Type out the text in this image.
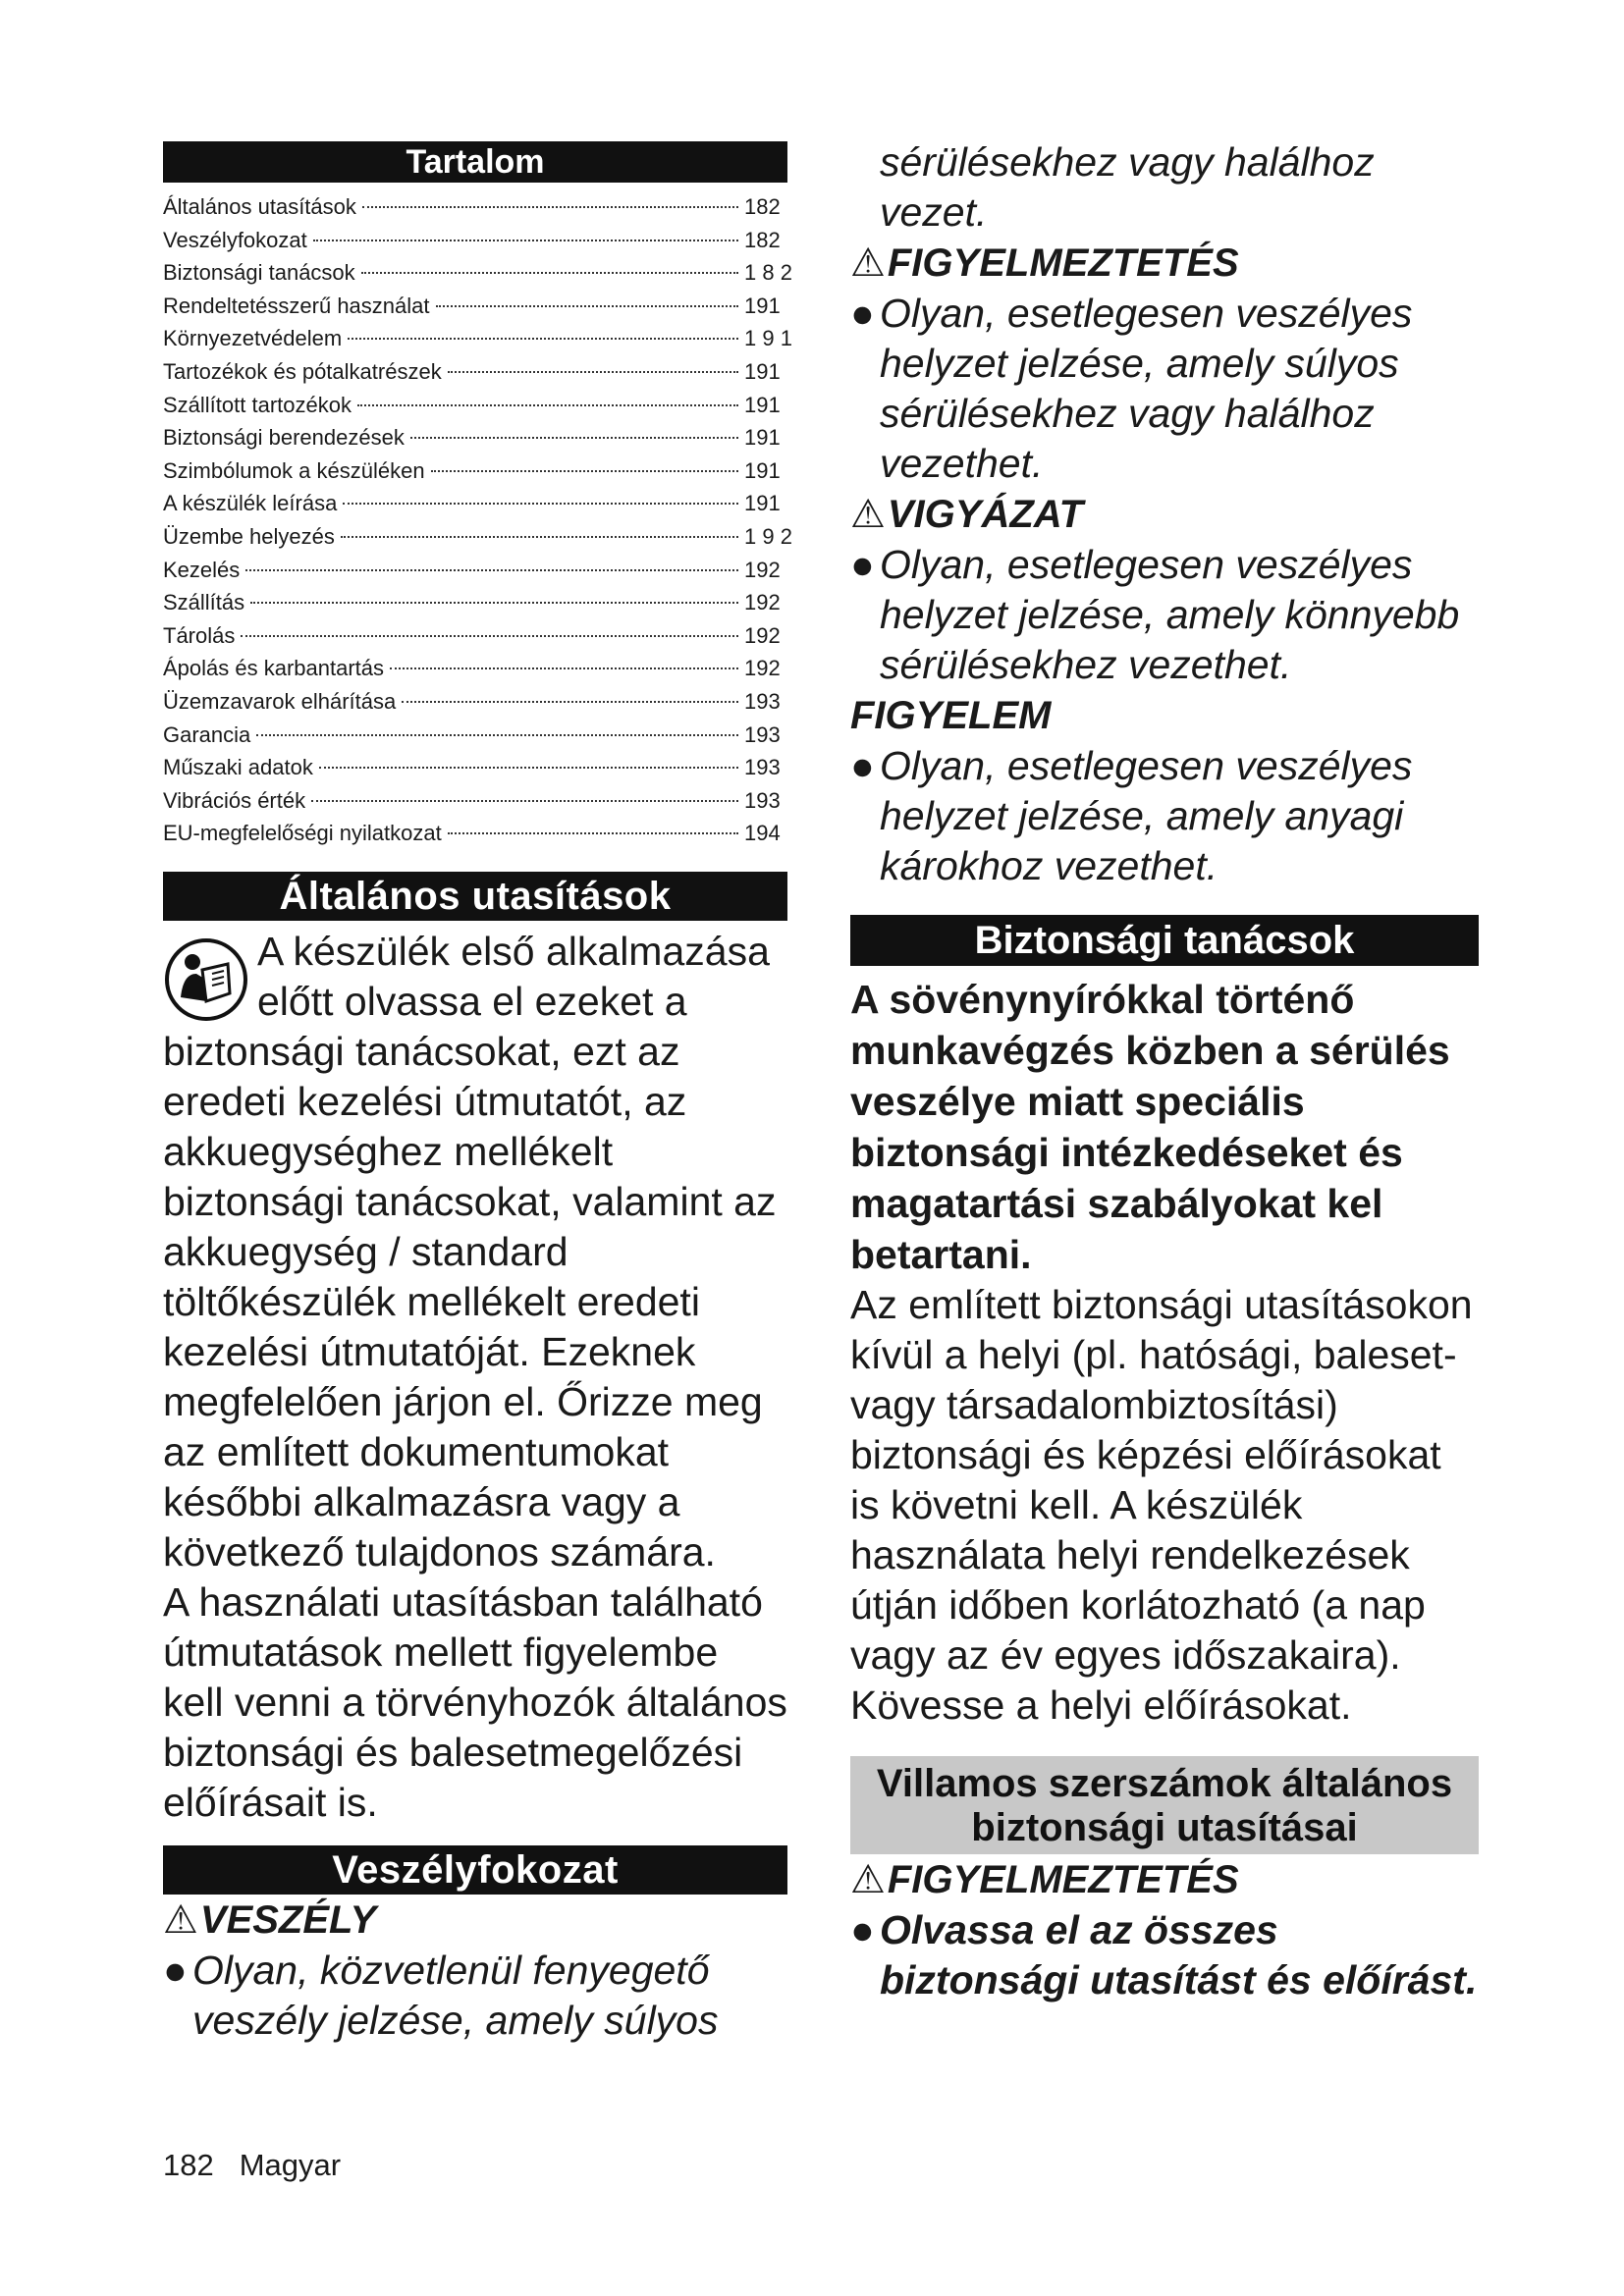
Tartalom
Általános utasítások	182
Veszélyfokozat	182
Biztonsági tanácsok	1 8 2
Rendeltetésszerű használat	191
Környezetvédelem	1 9 1
Tartozékok és pótalkatrészek	191
Szállított tartozékok	191
Biztonsági berendezések	191
Szimbólumok a készüléken	191
A készülék leírása	191
Üzembe helyezés	1 9 2
Kezelés	192
Szállítás	192
Tárolás	192
Ápolás és karbantartás	192
Üzemzavarok elhárítása	193
Garancia	193
Műszaki adatok	193
Vibrációs érték	193
EU-megfelelőségi nyilatkozat	194
Általános utasítások

A készülék első alkalmazása előtt olvassa el ezeket a biztonsági tanácsokat, ezt az eredeti kezelési útmutatót, az akkuegységhez mellékelt biztonsági tanácsokat, valamint az akkuegység / standard töltőkészülék mellékelt eredeti kezelési útmutatóját. Ezeknek megfelelően járjon el. Őrizze meg az említett dokumentumokat későbbi alkalmazásra vagy a következő tulajdonos számára.

A használati utasításban található útmutatások mellett figyelembe kell venni a törvényhozók általános biztonsági és balesetmegelőzési előírásait is.

Veszélyfokozat
⚠VESZÉLY
● Olyan, közvetlenül fenyegető veszély jelzése, amely súlyos
sérülésekhez vagy halálhoz vezet.
⚠FIGYELMEZTETÉS
● Olyan, esetlegesen veszélyes helyzet jelzése, amely súlyos sérülésekhez vagy halálhoz vezethet.
⚠VIGYÁZAT
● Olyan, esetlegesen veszélyes helyzet jelzése, amely könnyebb sérülésekhez vezethet.
FIGYELEM
● Olyan, esetlegesen veszélyes helyzet jelzése, amely anyagi károkhoz vezethet.
Biztonsági tanácsok
A sövénynyírókkal történő munkavégzés közben a sérülés veszélye miatt speciális biztonsági intézkedéseket és magatartási szabályokat kel betartani.
Az említett biztonsági utasításokon kívül a helyi (pl. hatósági, baleset- vagy társadalombiztosítási) biztonsági és képzési előírásokat is követni kell. A készülék használata helyi rendelkezések útján időben korlátozható (a nap vagy az év egyes időszakaira). Kövesse a helyi előírásokat.
Villamos szerszámok általános biztonsági utasításai
⚠FIGYELMEZTETÉS
● Olvassa el az összes biztonsági utasítást és előírást.
182 Magyar
